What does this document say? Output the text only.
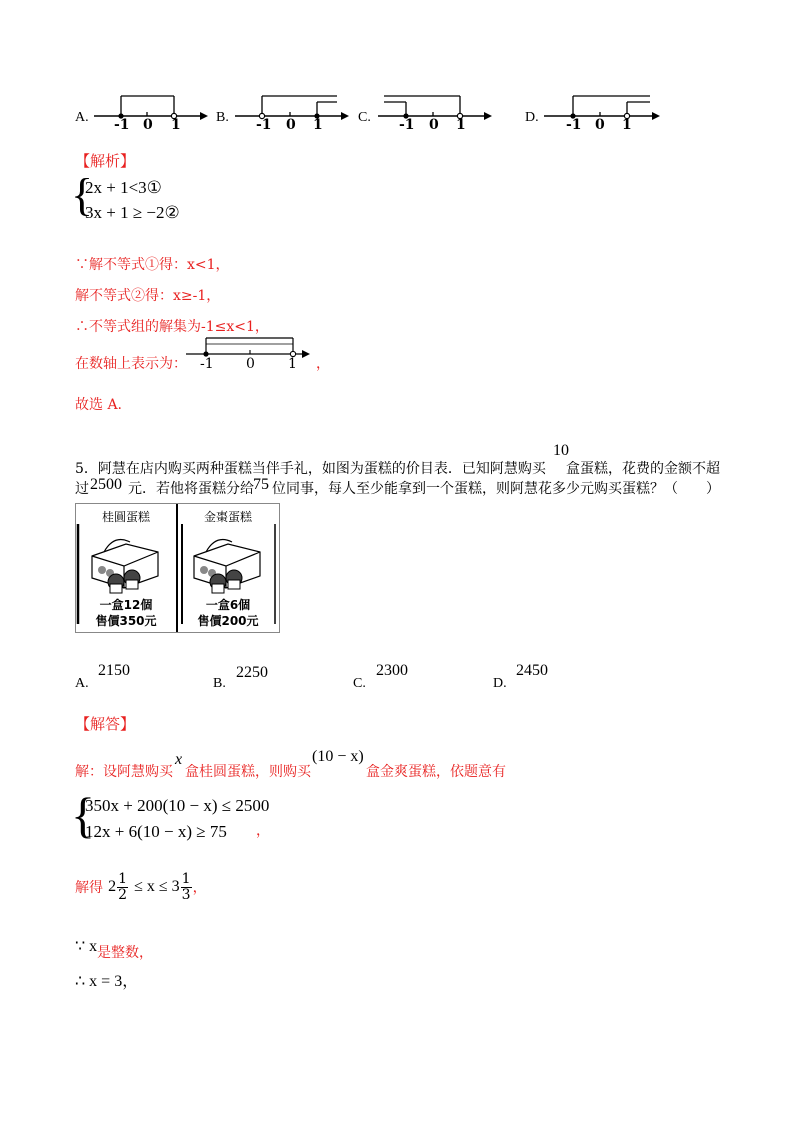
A. -1 0 1	B. -1 0 1	C. -1 0 1	D. -1 0 1
【解析】
{
2x + 1<3①
3x + 1 ≥ −2②
∵解不等式①得：x<1，
解不等式②得：x≥-1，
∴不等式组的解集为-1≤x<1，
在数轴上表示为： -1 0 1 ，
故选 A.
5．阿慧在店内购买两种蛋糕当伴手礼，如图为蛋糕的价目表．已知阿慧购买
10
盒蛋糕，花费的金额不超
过 2500 元．若他将蛋糕分给 75 位同事，每人至少能拿到一个蛋糕，则阿慧花多少元购买蛋糕？（　　）
桂圓蛋糕
一盒12個
售價350元
金棗蛋糕
一盒6個
售價200元
A.
2150
B.
2250
C.
2300
D.
2450
【解答】
解：设阿慧购买
x
盒桂圆蛋糕，则购买
(10 − x)
盒金爽蛋糕，依题意有
{
350x + 200(10 − x) ≤ 2500
12x + 6(10 − x) ≥ 75 ，
解得 $2 \frac{1}{2} \le x \le 3 \frac{1}{3}$ ，
∵ x 是整数，
∴ x = 3，
